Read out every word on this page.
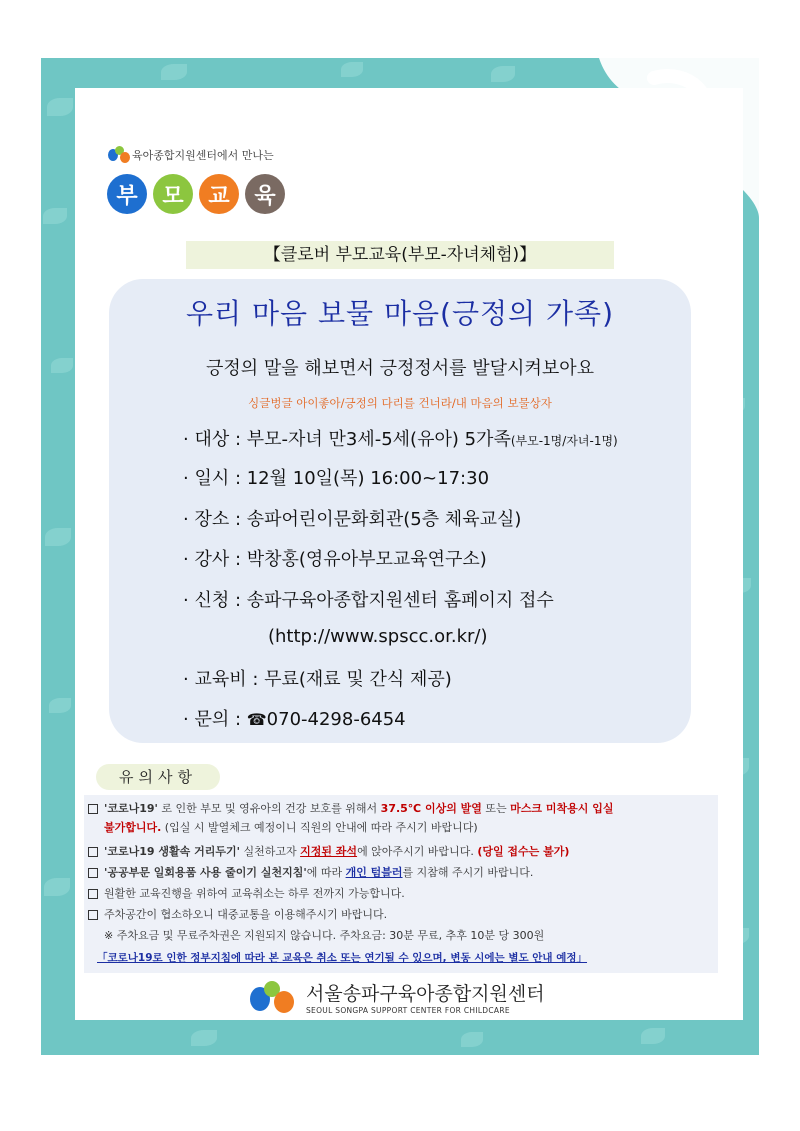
육아종합지원센터에서 만나는
부	모	교	육
【클로버 부모교육(부모-자녀체험)】
우리 마음 보물 마음(긍정의 가족)
긍정의 말을 해보면서 긍정정서를 발달시켜보아요
싱글벙글 아이좋아/긍정의 다리를 건너라/내 마음의 보물상자
· 대상 : 부모-자녀 만3세-5세(유아) 5가족(부모-1명/자녀-1명)
· 일시 : 12월 10일(목) 16:00~17:30
· 장소 : 송파어린이문화회관(5층 체육교실)
· 강사 : 박창홍(영유아부모교육연구소)
· 신청 : 송파구육아종합지원센터 홈페이지 접수
(http://www.spscc.or.kr/)
· 교육비 : 무료(재료 및 간식 제공)
· 문의 : ☎070-4298-6454
유의사항
'코로나19' 로 인한 부모 및 영유아의 건강 보호를 위해서 37.5℃ 이상의 발열 또는 마스크 미착용시 입실
불가합니다. (입실 시 발열체크 예정이니 직원의 안내에 따라 주시기 바랍니다)
'코로나19 생활속 거리두기' 실천하고자 지정된 좌석에 앉아주시기 바랍니다. (당일 접수는 불가)
'공공부문 일회용품 사용 줄이기 실천지침'에 따라 개인 텀블러를 지참해 주시기 바랍니다.
원활한 교육진행을 위하여 교육취소는 하루 전까지 가능합니다.
주차공간이 협소하오니 대중교통을 이용해주시기 바랍니다.
※ 주차요금 및 무료주차권은 지원되지 않습니다. 주차요금: 30분 무료, 추후 10분 당 300원
「코로나19로 인한 정부지침에 따라 본 교육은 취소 또는 연기될 수 있으며, 변동 시에는 별도 안내 예정」
서울송파구육아종합지원센터
SEOUL SONGPA SUPPORT CENTER FOR CHILDCARE
